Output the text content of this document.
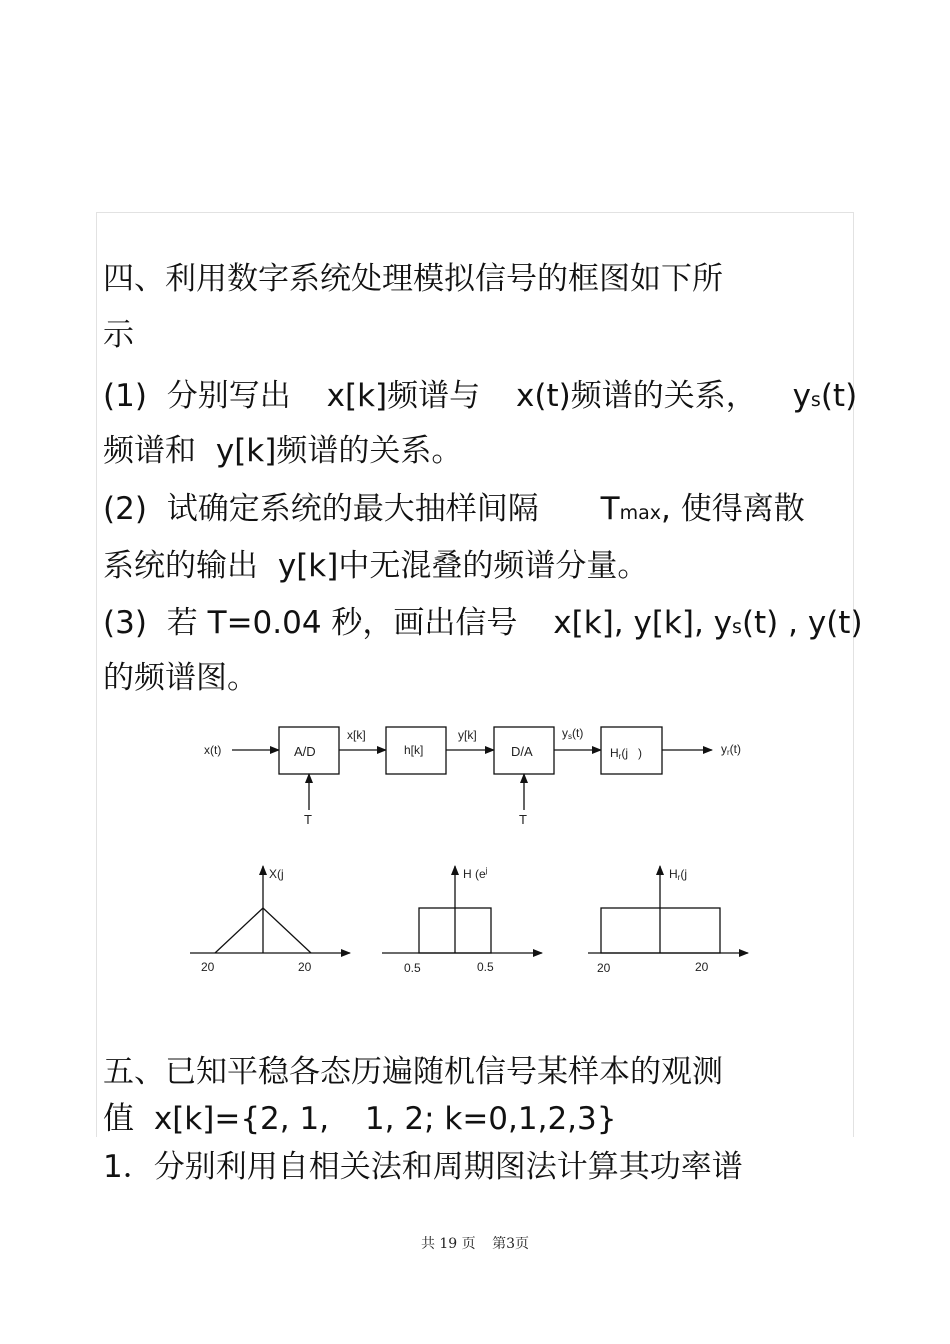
四、利用数字系统处理模拟信号的框图如下所
示
(1) 分别写出 x[k]频谱与 x(t)频谱的关系， ys(t)
频谱和 y[k]频谱的关系。
(2) 试确定系统的最大抽样间隔 Tmax, 使得离散
系统的输出 y[k]中无混叠的频谱分量。
(3) 若 T=0.04 秒，画出信号 x[k], y[k], ys(t) , y(t)
的频谱图。
x(t)	A/D
x[k]
h[k]
y[k]
D/A
ys(t)
Hr(j )	yr(t)
T	T
X(j
20	20
H ($e^j$
0.5	0.5
Hr(j
20	20
五、已知平稳各态历遍随机信号某样本的观测
值 x[k]={2, 1, 1, 2; k=0,1,2,3}
1．分别利用自相关法和周期图法计算其功率谱
共 19 页 第3页
